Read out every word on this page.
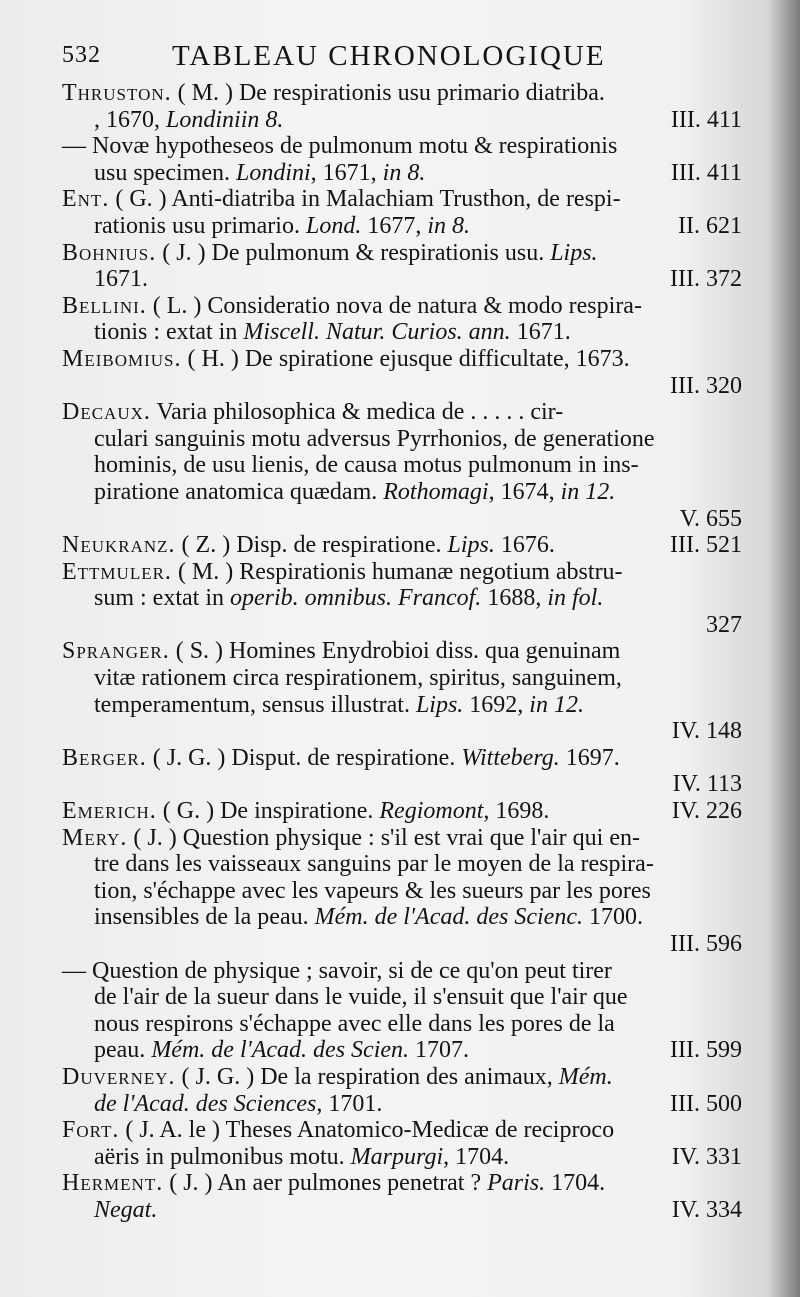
532 TABLEAU CHRONOLOGIQUE
Thruston. ( M. ) De respirationis usu primario diatriba.
, 1670, Londiniin 8.	III. 411
— Novæ hypotheseos de pulmonum motu & respirationis
usu specimen. Londini, 1671, in 8.	III. 411
Ent. ( G. ) Anti-diatriba in Malachiam Trusthon, de respi-
rationis usu primario. Lond. 1677, in 8.	II. 621
Bohnius. ( J. ) De pulmonum & respirationis usu. Lips.
1671.	III. 372
Bellini. ( L. ) Consideratio nova de natura & modo respira-
tionis : extat in Miscell. Natur. Curios. ann. 1671.
Meibomius. ( H. ) De spiratione ejusque difficultate, 1673.
III. 320
Decaux. Varia philosophica & medica de . . . . . cir-
culari sanguinis motu adversus Pyrrhonios, de generatione
hominis, de usu lienis, de causa motus pulmonum in ins-
piratione anatomica quædam. Rothomagi, 1674, in 12.
V. 655
Neukranz. ( Z. ) Disp. de respiratione. Lips. 1676.	III. 521
Ettmuler. ( M. ) Respirationis humanæ negotium abstru-
sum : extat in operib. omnibus. Francof. 1688, in fol.
327
Spranger. ( S. ) Homines Enydrobioi diss. qua genuinam
vitæ rationem circa respirationem, spiritus, sanguinem,
temperamentum, sensus illustrat. Lips. 1692, in 12.
IV. 148
Berger. ( J. G. ) Disput. de respiratione. Witteberg. 1697.
IV. 113
Emerich. ( G. ) De inspiratione. Regiomont, 1698.	IV. 226
Mery. ( J. ) Question physique : s'il est vrai que l'air qui en-
tre dans les vaisseaux sanguins par le moyen de la respira-
tion, s'échappe avec les vapeurs & les sueurs par les pores
insensibles de la peau. Mém. de l'Acad. des Scienc. 1700.
III. 596
— Question de physique ; savoir, si de ce qu'on peut tirer
de l'air de la sueur dans le vuide, il s'ensuit que l'air que
nous respirons s'échappe avec elle dans les pores de la
peau. Mém. de l'Acad. des Scien. 1707.	III. 599
Duverney. ( J. G. ) De la respiration des animaux, Mém.
de l'Acad. des Sciences, 1701.	III. 500
Fort. ( J. A. le ) Theses Anatomico-Medicæ de reciproco
aëris in pulmonibus motu. Marpurgi, 1704.	IV. 331
Herment. ( J. ) An aer pulmones penetrat ? Paris. 1704.
Negat.	IV. 334
